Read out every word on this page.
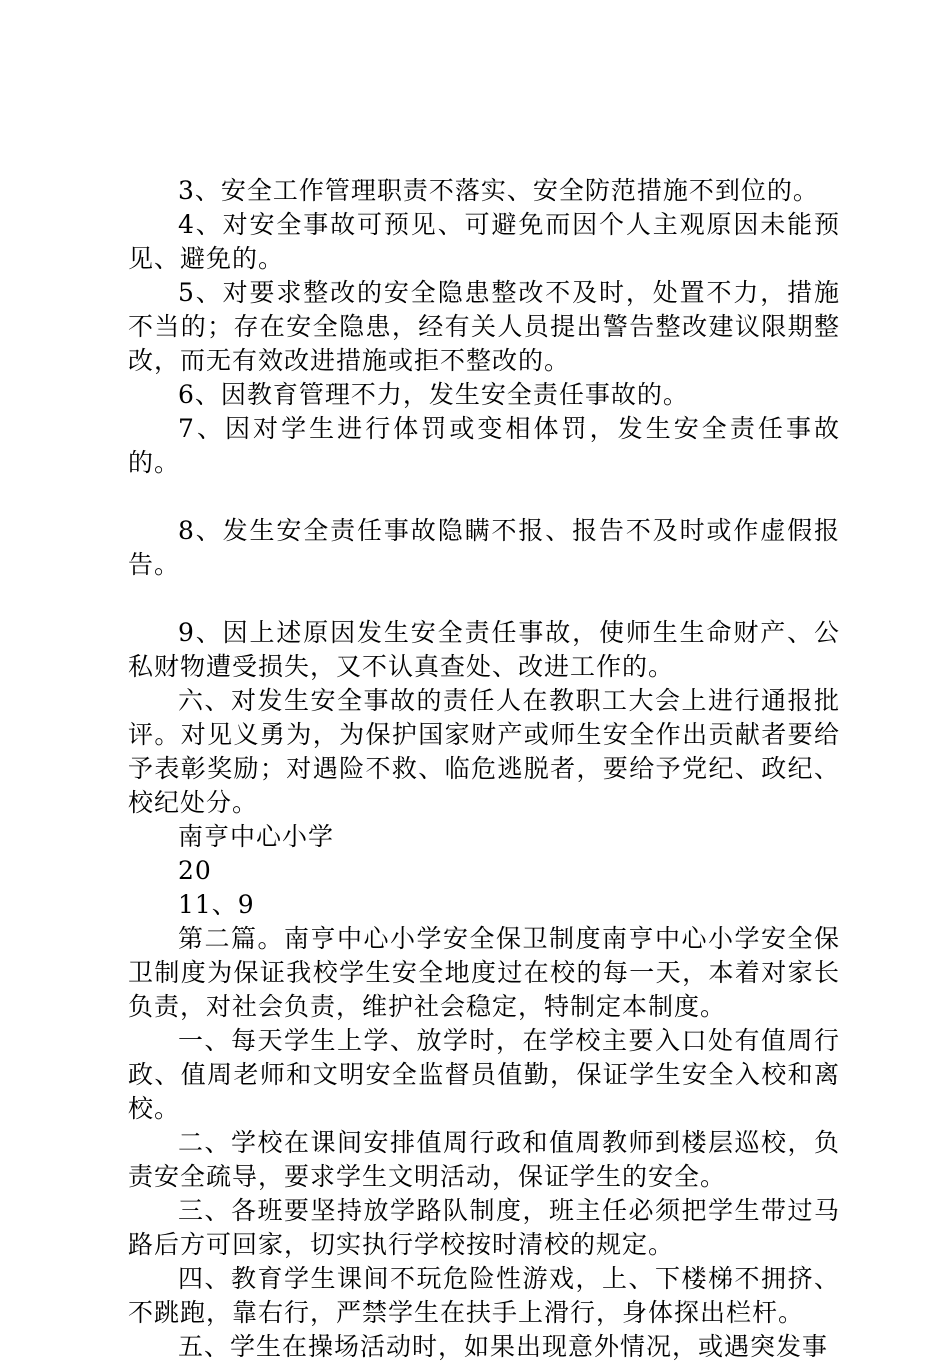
3、安全工作管理职责不落实、安全防范措施不到位的。

4、对安全事故可预见、可避免而因个人主观原因未能预见、避免的。

5、对要求整改的安全隐患整改不及时，处置不力，措施不当的；存在安全隐患，经有关人员提出警告整改建议限期整改，而无有效改进措施或拒不整改的。

6、因教育管理不力，发生安全责任事故的。

7、因对学生进行体罚或变相体罚，发生安全责任事故的。

8、发生安全责任事故隐瞒不报、报告不及时或作虚假报告。

9、因上述原因发生安全责任事故，使师生生命财产、公私财物遭受损失，又不认真查处、改进工作的。

六、对发生安全事故的责任人在教职工大会上进行通报批评。对见义勇为，为保护国家财产或师生安全作出贡献者要给予表彰奖励；对遇险不救、临危逃脱者，要给予党纪、政纪、校纪处分。

南亨中心小学

20

11、9

第二篇。南亨中心小学安全保卫制度南亨中心小学安全保卫制度为保证我校学生安全地度过在校的每一天，本着对家长负责，对社会负责，维护社会稳定，特制定本制度。

一、每天学生上学、放学时，在学校主要入口处有值周行政、值周老师和文明安全监督员值勤，保证学生安全入校和离校。

二、学校在课间安排值周行政和值周教师到楼层巡校，负责安全疏导，要求学生文明活动，保证学生的安全。

三、各班要坚持放学路队制度，班主任必须把学生带过马路后方可回家，切实执行学校按时清校的规定。

四、教育学生课间不玩危险性游戏，上、下楼梯不拥挤、不跳跑，靠右行，严禁学生在扶手上滑行，身体探出栏杆。

五、学生在操场活动时，如果出现意外情况，或遇突发事
